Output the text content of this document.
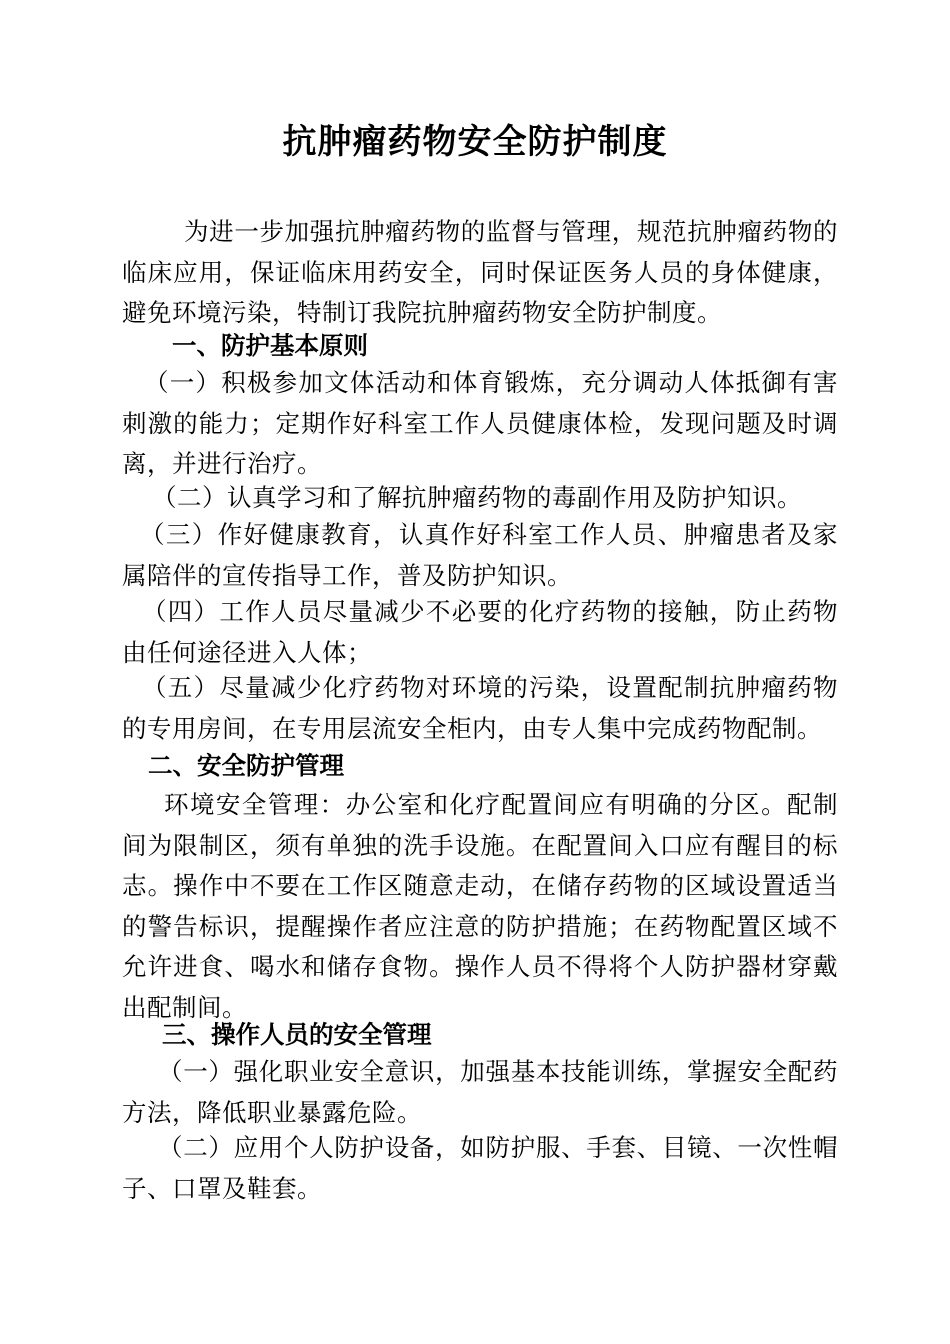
抗肿瘤药物安全防护制度
为进一步加强抗肿瘤药物的监督与管理，规范抗肿瘤药物的临床应用，保证临床用药安全，同时保证医务人员的身体健康，避免环境污染，特制订我院抗肿瘤药物安全防护制度。
一、防护基本原则
（一）积极参加文体活动和体育锻炼，充分调动人体抵御有害刺激的能力；定期作好科室工作人员健康体检，发现问题及时调离，并进行治疗。
（二）认真学习和了解抗肿瘤药物的毒副作用及防护知识。
（三）作好健康教育，认真作好科室工作人员、肿瘤患者及家属陪伴的宣传指导工作，普及防护知识。
（四）工作人员尽量减少不必要的化疗药物的接触，防止药物由任何途径进入人体；
（五）尽量减少化疗药物对环境的污染，设置配制抗肿瘤药物的专用房间，在专用层流安全柜内，由专人集中完成药物配制。
二、安全防护管理
环境安全管理：办公室和化疗配置间应有明确的分区。配制间为限制区，须有单独的洗手设施。在配置间入口应有醒目的标志。操作中不要在工作区随意走动，在储存药物的区域设置适当的警告标识，提醒操作者应注意的防护措施；在药物配置区域不允许进食、喝水和储存食物。操作人员不得将个人防护器材穿戴出配制间。
三、操作人员的安全管理
（一）强化职业安全意识，加强基本技能训练，掌握安全配药方法，降低职业暴露危险。
（二）应用个人防护设备，如防护服、手套、目镜、一次性帽子、口罩及鞋套。
